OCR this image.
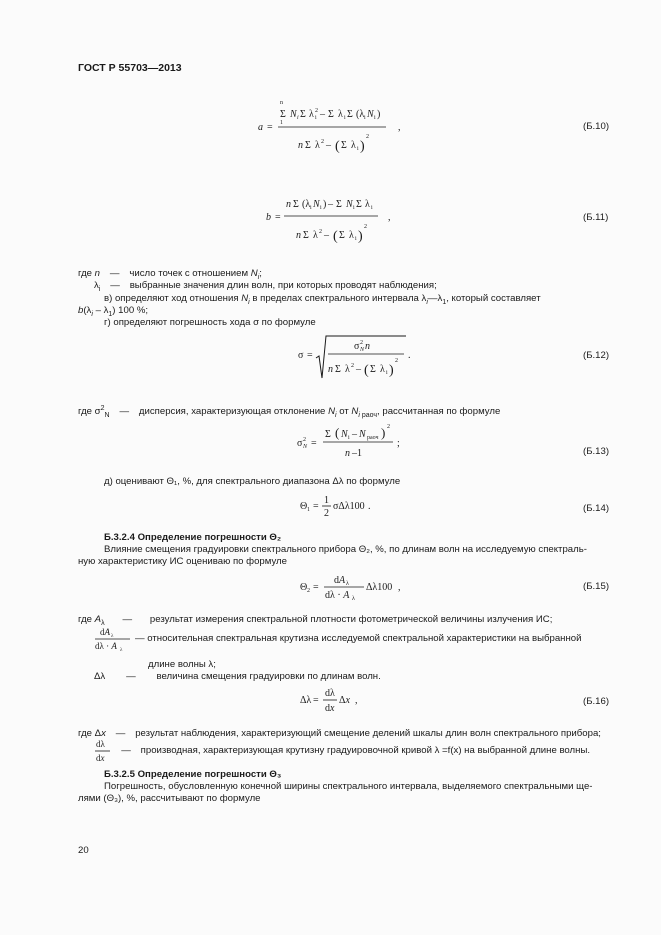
ГОСТ Р 55703—2013
a =
Σ
n
1
N i Σ λ 2
i – Σ λ i Σ (λ i N i )
n Σ λ 2 – ( Σ λ i )
2
,	(Б.10)
b =
n Σ (λ i N i ) – Σ N i Σ λ i
n Σ λ 2 – ( Σ λ i )
2
,	(Б.11)
где n — число точек с отношением $N_i$;
$\lambda_i$ — выбранные значения длин волн, при которых проводят наблюдения;
в) определяют ход отношения $N_i$ в пределах спектрального интервала $\lambda_i—\lambda_1$, который составляет
$b(\lambda_i - \lambda_1)$ 100 %;
г) определяют погрешность хода σ по формуле
σ =
σ 2
N n
n Σ λ 2 – ( Σ λ i )
2 .	(Б.12)
где $\sigma^2_N$ — дисперсия, характеризующая отклонение $N_i$ от $N_i$ $_{раоч}$, рассчитанная по формуле
σ 2
N =
Σ ( N i – N раоч ) 2
n –1
;
(Б.13)
д) оценивают Θ₁, %, для спектрального диапазона Δλ по формуле
Θ 1 =
1
2
σΔλ100 .	(Б.14)
Б.3.2.4 Определение погрешности Θ₂
Влияние смещения градуировки спектрального прибора Θ₂, %, по длинам волн на исследуемую спектраль-
ную характеристику ИС оцениваю по формуле
Θ 2 =
dA λ
dλ · A λ
Δλ100 ,	(Б.15)
где $A_\lambda$ — результат измерения спектральной плотности фотометрической величины излучения ИС;
dA λ
dλ · A λ
— относительная спектральная крутизна исследуемой спектральной характеристики на выбранной
длине волны λ;
Δλ — величина смещения градуировки по длинам волн.
Δλ =
dλ
dx
Δx ,	(Б.16)
где Δx — результат наблюдения, характеризующий смещение делений шкалы длин волн спектрального прибора;
dλ
dx
— производная, характеризующая крутизну градуировочной кривой λ =f(x) на выбранной длине волны.
Б.3.2.5 Определение погрешности Θ₃
Погрешность, обусловленную конечной ширины спектрального интервала, выделяемого спектральными ще-
лями (Θ₃), %, рассчитывают по формуле
20
